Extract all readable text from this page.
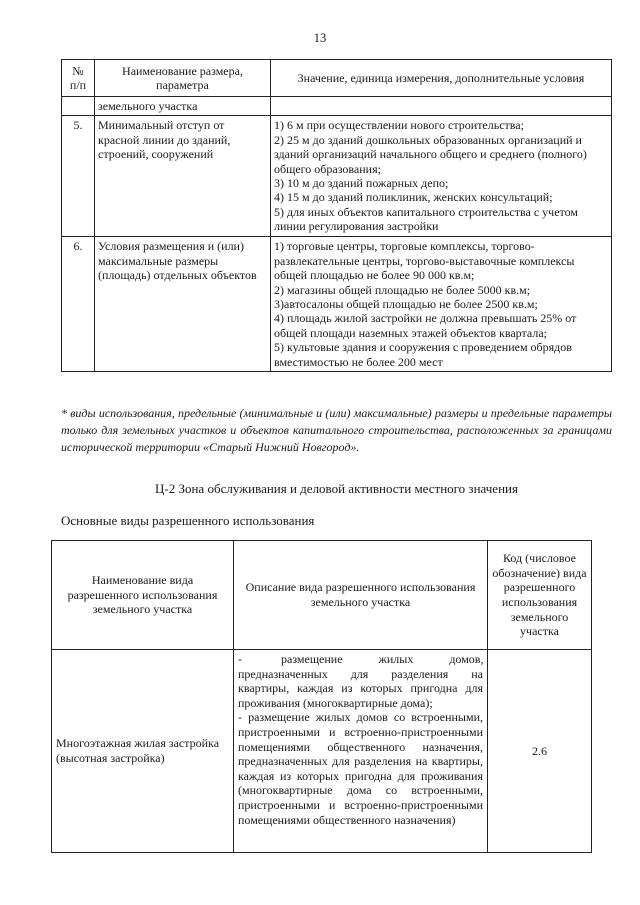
13
№
п/п	Наименование размера, параметра	Значение, единица измерения, дополнительные условия
	земельного участка	
5.	Минимальный отступ от красной линии до зданий, строений, сооружений	1) 6 м при осуществлении нового строительства;
2) 25 м до зданий дошкольных образованных организаций и зданий организаций начального общего и среднего (полного) общего образования;
3) 10 м до зданий пожарных депо;
4) 15 м до зданий поликлиник, женских консультаций;
5) для иных объектов капитального строительства с учетом линии регулирования застройки

6.	Условия размещения и (или) максимальные размеры (площадь) отдельных объектов	1) торговые центры, торговые комплексы, торгово-развлекательные центры, торгово-выставочные комплексы общей площадью не более 90 000 кв.м;
2) магазины общей площадью не более 5000 кв.м;
3)автосалоны общей площадью не более 2500 кв.м;
4) площадь жилой застройки не должна превышать 25% от общей площади наземных этажей объектов квартала;
5) культовые здания и сооружения с проведением обрядов вместимостью не более 200 мест
* виды использования, предельные (минимальные и (или) максимальные) размеры и предельные параметры только для земельных участков и объектов капитального строительства, расположенных за границами исторической территории «Старый Нижний Новгород».
Ц-2 Зона обслуживания и деловой активности местного значения
Основные виды разрешенного использования
Наименование вида разрешенного использования земельного участка	Описание вида разрешенного использования земельного участка	Код (числовое обозначение) вида разрешенного использования земельного участка
Многоэтажная жилая застройка (высотная застройка)	-             размещение            жилых            домов,
предназначенных     для     разделения     на
квартиры, каждая из которых пригодна для проживания (многоквартирные дома);
- размещение жилых домов со встроенными, пристроенными и встроенно-пристроенными помещениями общественного назначения, предназначенных для разделения на квартиры, каждая из которых пригодна для проживания (многоквартирные дома со встроенными, пристроенными и встроенно-пристроенными помещениями общественного назначения)	2.6
